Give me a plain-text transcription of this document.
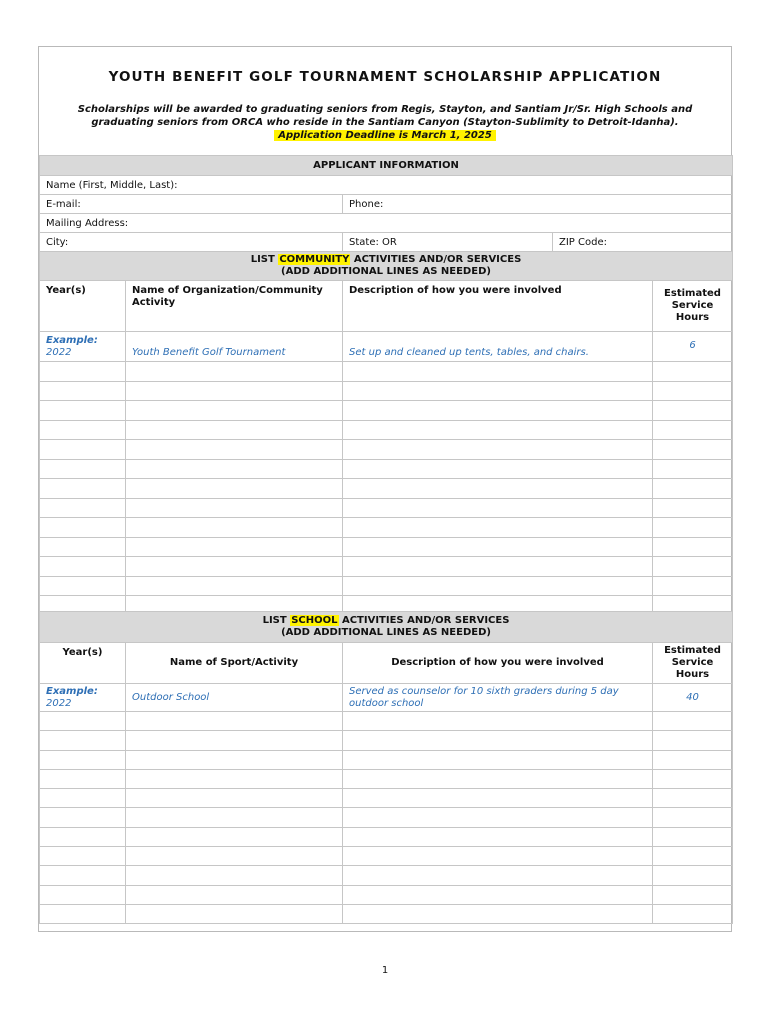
YOUTH BENEFIT GOLF TOURNAMENT SCHOLARSHIP APPLICATION
Scholarships will be awarded to graduating seniors from Regis, Stayton, and Santiam Jr/Sr. High Schools and
graduating seniors from ORCA who reside in the Santiam Canyon (Stayton-Sublimity to Detroit-Idanha).
Application Deadline is March 1, 2025
APPLICANT INFORMATION		
Name (First, Middle, Last):		
E-mail:	Phone:	
Mailing Address:		
City:	State: OR	ZIP Code:
LIST COMMUNITY ACTIVITIES AND/OR SERVICES
(ADD ADDITIONAL LINES AS NEEDED)			
Year(s)	Name of Organization/Community Activity	Description of how you were involved	Estimated Service Hours
Example:
2022	Youth Benefit Golf Tournament	Set up and cleaned up tents, tables, and chairs.	6

LIST SCHOOL ACTIVITIES AND/OR SERVICES
(ADD ADDITIONAL LINES AS NEEDED)			
Year(s)	Name of Sport/Activity	Description of how you were involved	Estimated Service Hours
Example:
2022	Outdoor School	Served as counselor for 10 sixth graders during 5 day outdoor school	40

1
